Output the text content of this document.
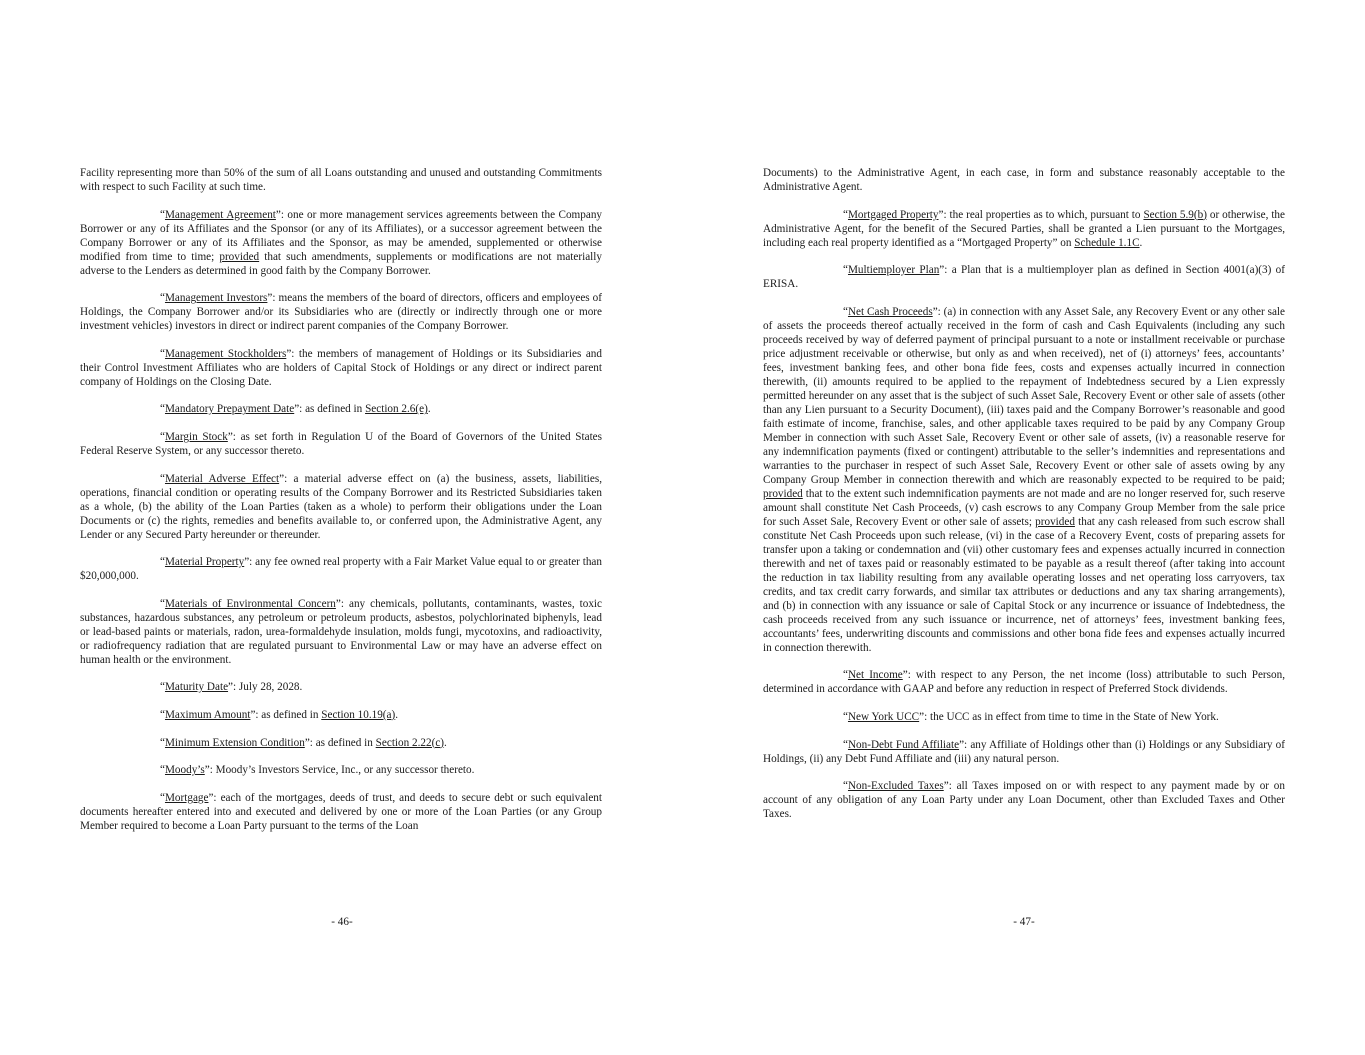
Facility representing more than 50% of the sum of all Loans outstanding and unused and outstanding Commitments with respect to such Facility at such time.

“Management Agreement”: one or more management services agreements between the Company Borrower or any of its Affiliates and the Sponsor (or any of its Affiliates), or a successor agreement between the Company Borrower or any of its Affiliates and the Sponsor, as may be amended, supplemented or otherwise modified from time to time; provided that such amendments, supplements or modifications are not materially adverse to the Lenders as determined in good faith by the Company Borrower.

“Management Investors”: means the members of the board of directors, officers and employees of Holdings, the Company Borrower and/or its Subsidiaries who are (directly or indirectly through one or more investment vehicles) investors in direct or indirect parent companies of the Company Borrower.

“Management Stockholders”: the members of management of Holdings or its Subsidiaries and their Control Investment Affiliates who are holders of Capital Stock of Holdings or any direct or indirect parent company of Holdings on the Closing Date.

“Mandatory Prepayment Date”: as defined in Section 2.6(e).

“Margin Stock”: as set forth in Regulation U of the Board of Governors of the United States Federal Reserve System, or any successor thereto.

“Material Adverse Effect”: a material adverse effect on (a) the business, assets, liabilities, operations, financial condition or operating results of the Company Borrower and its Restricted Subsidiaries taken as a whole, (b) the ability of the Loan Parties (taken as a whole) to perform their obligations under the Loan Documents or (c) the rights, remedies and benefits available to, or conferred upon, the Administrative Agent, any Lender or any Secured Party hereunder or thereunder.

“Material Property”: any fee owned real property with a Fair Market Value equal to or greater than $20,000,000.

“Materials of Environmental Concern”: any chemicals, pollutants, contaminants, wastes, toxic substances, hazardous substances, any petroleum or petroleum products, asbestos, polychlorinated biphenyls, lead or lead-based paints or materials, radon, urea-formaldehyde insulation, molds fungi, mycotoxins, and radioactivity, or radiofrequency radiation that are regulated pursuant to Environmental Law or may have an adverse effect on human health or the environment.

“Maturity Date”: July 28, 2028.

“Maximum Amount”: as defined in Section 10.19(a).

“Minimum Extension Condition”: as defined in Section 2.22(c).

“Moody’s”: Moody’s Investors Service, Inc., or any successor thereto.

“Mortgage”: each of the mortgages, deeds of trust, and deeds to secure debt or such equivalent documents hereafter entered into and executed and delivered by one or more of the Loan Parties (or any Group Member required to become a Loan Party pursuant to the terms of the Loan

- 46-

Documents) to the Administrative Agent, in each case, in form and substance reasonably acceptable to the Administrative Agent.

“Mortgaged Property”: the real properties as to which, pursuant to Section 5.9(b) or otherwise, the Administrative Agent, for the benefit of the Secured Parties, shall be granted a Lien pursuant to the Mortgages, including each real property identified as a “Mortgaged Property” on Schedule 1.1C.

“Multiemployer Plan”: a Plan that is a multiemployer plan as defined in Section 4001(a)(3) of ERISA.

“Net Cash Proceeds”: (a) in connection with any Asset Sale, any Recovery Event or any other sale of assets the proceeds thereof actually received in the form of cash and Cash Equivalents (including any such proceeds received by way of deferred payment of principal pursuant to a note or installment receivable or purchase price adjustment receivable or otherwise, but only as and when received), net of (i) attorneys’ fees, accountants’ fees, investment banking fees, and other bona fide fees, costs and expenses actually incurred in connection therewith, (ii) amounts required to be applied to the repayment of Indebtedness secured by a Lien expressly permitted hereunder on any asset that is the subject of such Asset Sale, Recovery Event or other sale of assets (other than any Lien pursuant to a Security Document), (iii) taxes paid and the Company Borrower’s reasonable and good faith estimate of income, franchise, sales, and other applicable taxes required to be paid by any Company Group Member in connection with such Asset Sale, Recovery Event or other sale of assets, (iv) a reasonable reserve for any indemnification payments (fixed or contingent) attributable to the seller’s indemnities and representations and warranties to the purchaser in respect of such Asset Sale, Recovery Event or other sale of assets owing by any Company Group Member in connection therewith and which are reasonably expected to be required to be paid; provided that to the extent such indemnification payments are not made and are no longer reserved for, such reserve amount shall constitute Net Cash Proceeds, (v) cash escrows to any Company Group Member from the sale price for such Asset Sale, Recovery Event or other sale of assets; provided that any cash released from such escrow shall constitute Net Cash Proceeds upon such release, (vi) in the case of a Recovery Event, costs of preparing assets for transfer upon a taking or condemnation and (vii) other customary fees and expenses actually incurred in connection therewith and net of taxes paid or reasonably estimated to be payable as a result thereof (after taking into account the reduction in tax liability resulting from any available operating losses and net operating loss carryovers, tax credits, and tax credit carry forwards, and similar tax attributes or deductions and any tax sharing arrangements), and (b) in connection with any issuance or sale of Capital Stock or any incurrence or issuance of Indebtedness, the cash proceeds received from any such issuance or incurrence, net of attorneys’ fees, investment banking fees, accountants’ fees, underwriting discounts and commissions and other bona fide fees and expenses actually incurred in connection therewith.

“Net Income”: with respect to any Person, the net income (loss) attributable to such Person, determined in accordance with GAAP and before any reduction in respect of Preferred Stock dividends.

“New York UCC”: the UCC as in effect from time to time in the State of New York.

“Non-Debt Fund Affiliate”: any Affiliate of Holdings other than (i) Holdings or any Subsidiary of Holdings, (ii) any Debt Fund Affiliate and (iii) any natural person.

“Non-Excluded Taxes”: all Taxes imposed on or with respect to any payment made by or on account of any obligation of any Loan Party under any Loan Document, other than Excluded Taxes and Other Taxes.

- 47-
